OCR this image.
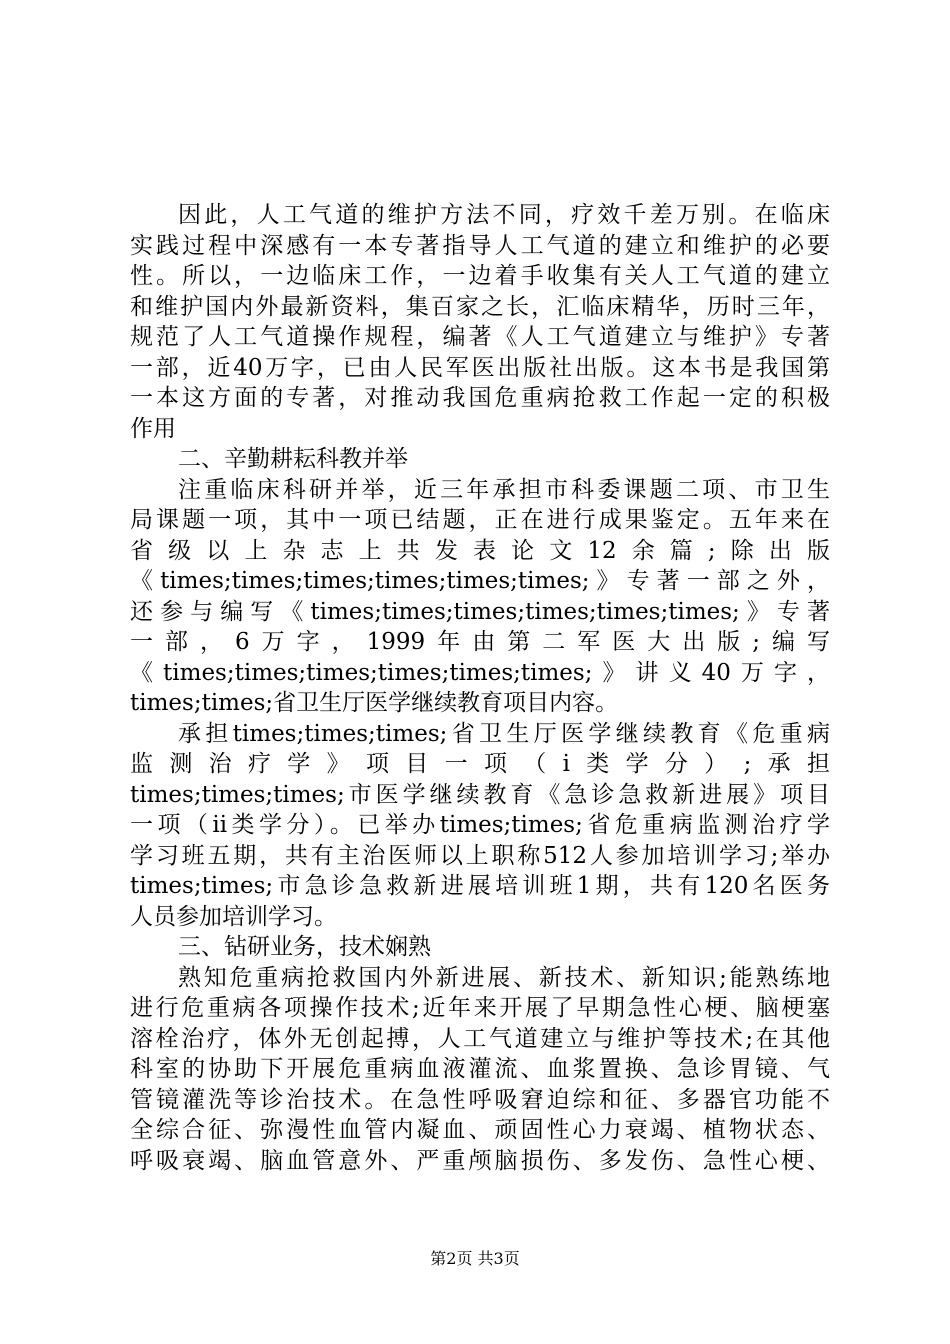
因此，人工气道的维护方法不同，疗效千差万别。在临床
实践过程中深感有一本专著指导人工气道的建立和维护的必要
性。所以，一边临床工作，一边着手收集有关人工气道的建立
和维护国内外最新资料，集百家之长，汇临床精华，历时三年，
规范了人工气道操作规程，编著《人工气道建立与维护》专著
一部，近40万字，已由人民军医出版社出版。这本书是我国第
一本这方面的专著，对推动我国危重病抢救工作起一定的积极
作用
二、辛勤耕耘科教并举
注重临床科研并举，近三年承担市科委课题二项、市卫生
局课题一项，其中一项已结题，正在进行成果鉴定。五年来在
省级以上杂志上共发表论文12余篇;除出版
《times;times;times;times;times;times;》专著一部之外，
还参与编写《times;times;times;times;times;times;》专著
一部，6万字，1999年由第二军医大出版;编写
《times;times;times;times;times;times;》讲义40万字，
times;times;省卫生厅医学继续教育项目内容。
承担times;times;times;省卫生厅医学继续教育《危重病
监测治疗学》项目一项（ⅰ类学分）;承担
times;times;times;市医学继续教育《急诊急救新进展》项目
一项（ⅱ类学分）。已举办times;times;省危重病监测治疗学
学习班五期，共有主治医师以上职称512人参加培训学习;举办
times;times;市急诊急救新进展培训班1期，共有120名医务
人员参加培训学习。
三、钻研业务，技术娴熟
熟知危重病抢救国内外新进展、新技术、新知识;能熟练地
进行危重病各项操作技术;近年来开展了早期急性心梗、脑梗塞
溶栓治疗，体外无创起搏，人工气道建立与维护等技术;在其他
科室的协助下开展危重病血液灌流、血浆置换、急诊胃镜、气
管镜灌洗等诊治技术。在急性呼吸窘迫综和征、多器官功能不
全综合征、弥漫性血管内凝血、顽固性心力衰竭、植物状态、
呼吸衰竭、脑血管意外、严重颅脑损伤、多发伤、急性心梗、
第2页 共3页
